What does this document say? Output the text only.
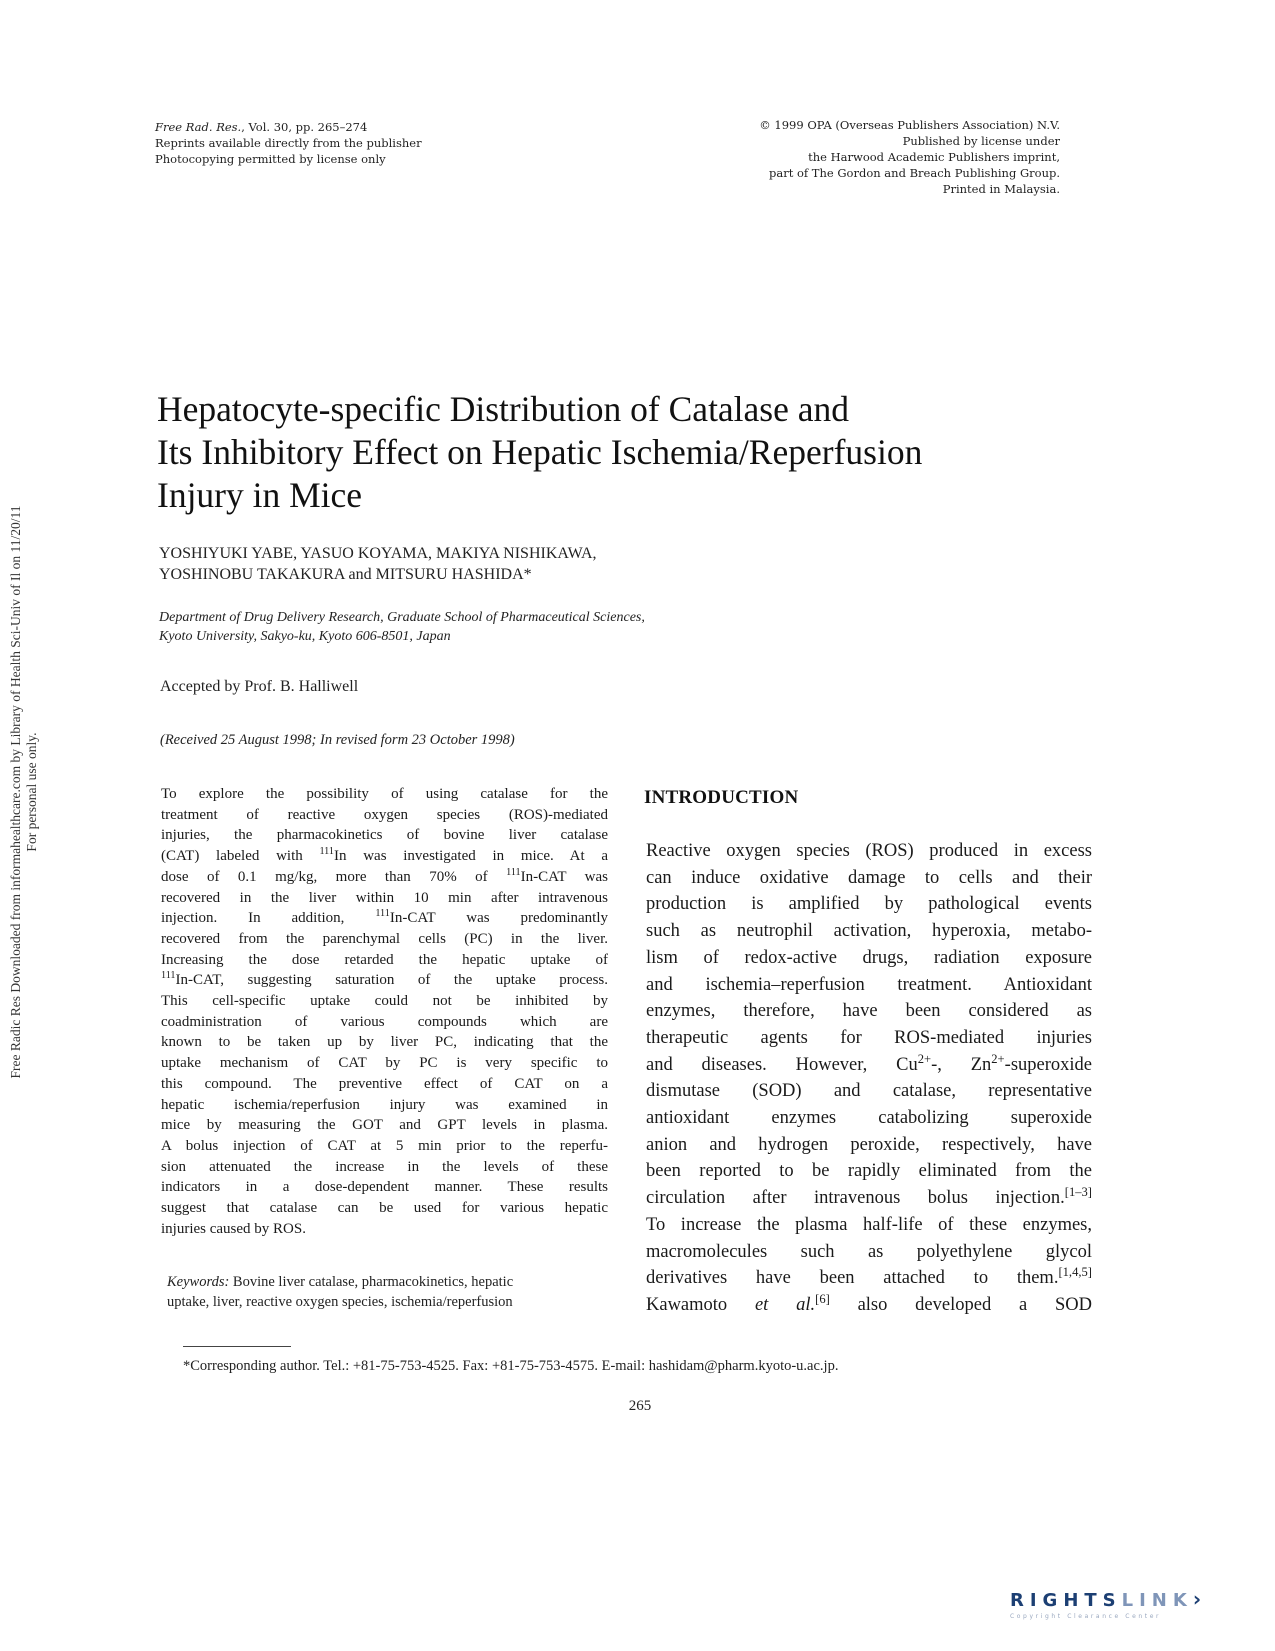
Free Rad. Res., Vol. 30, pp. 265–274
Reprints available directly from the publisher
Photocopying permitted by license only
© 1999 OPA (Overseas Publishers Association) N.V.
Published by license under
the Harwood Academic Publishers imprint,
part of The Gordon and Breach Publishing Group.
Printed in Malaysia.
Free Radic Res Downloaded from informahealthcare.com by Library of Health Sci-Univ of Il on 11/20/11 For personal use only.
Hepatocyte-specific Distribution of Catalase and
Its Inhibitory Effect on Hepatic Ischemia/Reperfusion
Injury in Mice
YOSHIYUKI YABE, YASUO KOYAMA, MAKIYA NISHIKAWA,
YOSHINOBU TAKAKURA and MITSURU HASHIDA*
Department of Drug Delivery Research, Graduate School of Pharmaceutical Sciences,
Kyoto University, Sakyo-ku, Kyoto 606-8501, Japan
Accepted by Prof. B. Halliwell
(Received 25 August 1998; In revised form 23 October 1998)

To explore the possibility of using catalase for the

treatment of reactive oxygen species (ROS)-mediated

injuries, the pharmacokinetics of bovine liver catalase

(CAT) labeled with $^{111}$In was investigated in mice. At a

dose of 0.1 mg/kg, more than 70% of $^{111}$In-CAT was

recovered in the liver within 10 min after intravenous

injection. In addition, $^{111}$In-CAT was predominantly

recovered from the parenchymal cells (PC) in the liver.

Increasing the dose retarded the hepatic uptake of

$^{111}$In-CAT, suggesting saturation of the uptake process.

This cell-specific uptake could not be inhibited by

coadministration of various compounds which are

known to be taken up by liver PC, indicating that the

uptake mechanism of CAT by PC is very specific to

this compound. The preventive effect of CAT on a

hepatic ischemia/reperfusion injury was examined in

mice by measuring the GOT and GPT levels in plasma.

A bolus injection of CAT at 5 min prior to the reperfu-

sion attenuated the increase in the levels of these

indicators in a dose-dependent manner. These results

suggest that catalase can be used for various hepatic

injuries caused by ROS.

Keywords: Bovine liver catalase, pharmacokinetics, hepatic
uptake, liver, reactive oxygen species, ischemia/reperfusion
INTRODUCTION

Reactive oxygen species (ROS) produced in excess

can induce oxidative damage to cells and their

production is amplified by pathological events

such as neutrophil activation, hyperoxia, metabo-

lism of redox-active drugs, radiation exposure

and ischemia–reperfusion treatment. Antioxidant

enzymes, therefore, have been considered as

therapeutic agents for ROS-mediated injuries

and diseases. However, $Cu^{2+}-$, $Zn^{2+}$-superoxide

dismutase (SOD) and catalase, representative

antioxidant enzymes catabolizing superoxide

anion and hydrogen peroxide, respectively, have

been reported to be rapidly eliminated from the

circulation after intravenous bolus injection.[1–3]

To increase the plasma half-life of these enzymes,

macromolecules such as polyethylene glycol

derivatives have been attached to them.[1,4,5]

Kawamoto et al.[6] also developed a SOD

*Corresponding author. Tel.: +81-75-753-4525. Fax: +81-75-753-4575. E-mail: hashidam@pharm.kyoto-u.ac.jp.
265
RIGHTSLINK›
Copyright Clearance Center
